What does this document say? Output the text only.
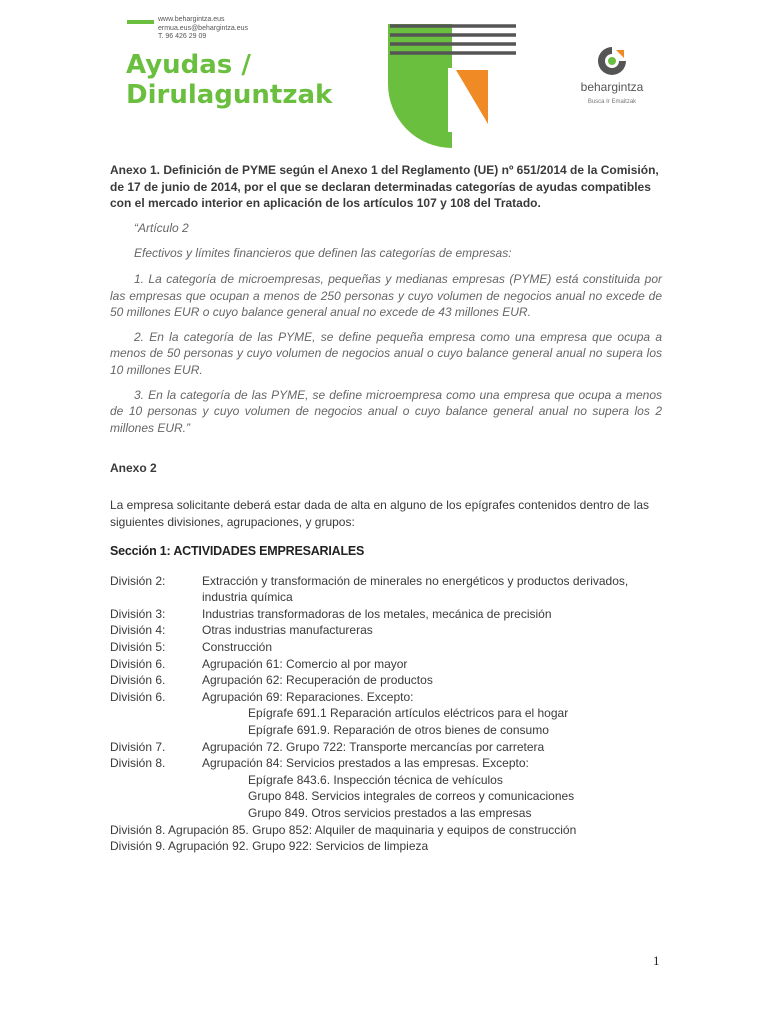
www.behargintza.eus
ermua.eus@behargintza.eus
T. 96 426 29 09
Ayudas /
Dirulaguntzak	behargintza
Busca Ir Emaitzak

Anexo 1. Definición de PYME según el Anexo 1 del Reglamento (UE) nº 651/2014 de la Comisión, de 17 de junio de 2014, por el que se declaran determinadas categorías de ayudas compatibles con el mercado interior en aplicación de los artículos 107 y 108 del Tratado.

“Artículo 2

Efectivos y límites financieros que definen las categorías de empresas:

1. La categoría de microempresas, pequeñas y medianas empresas (PYME) está constituida por las empresas que ocupan a menos de 250 personas y cuyo volumen de negocios anual no excede de 50 millones EUR o cuyo balance general anual no excede de 43 millones EUR.

2. En la categoría de las PYME, se define pequeña empresa como una empresa que ocupa a menos de 50 personas y cuyo volumen de negocios anual o cuyo balance general anual no supera los 10 millones EUR.

3. En la categoría de las PYME, se define microempresa como una empresa que ocupa a menos de 10 personas y cuyo volumen de negocios anual o cuyo balance general anual no supera los 2 millones EUR.”

Anexo 2

La empresa solicitante deberá estar dada de alta en alguno de los epígrafes contenidos dentro de las siguientes divisiones, agrupaciones, y grupos:

Sección 1: ACTIVIDADES EMPRESARIALES

División 2:	Extracción y transformación de minerales no energéticos y productos derivados, industria química
División 3:	Industrias transformadoras de los metales, mecánica de precisión
División 4:	Otras industrias manufactureras
División 5:	Construcción
División 6.	Agrupación 61: Comercio al por mayor
División 6.	Agrupación 62: Recuperación de productos
División 6.	Agrupación 69: Reparaciones. Excepto:
Epígrafe 691.1 Reparación artículos eléctricos para el hogar
Epígrafe 691.9. Reparación de otros bienes de consumo
División 7.	Agrupación 72. Grupo 722: Transporte mercancías por carretera
División 8.	Agrupación 84: Servicios prestados a las empresas. Excepto:
Epígrafe 843.6. Inspección técnica de vehículos
Grupo 848. Servicios integrales de correos y comunicaciones
Grupo 849. Otros servicios prestados a las empresas
División 8. Agrupación 85. Grupo 852: Alquiler de maquinaria y equipos de construcción
División 9. Agrupación 92. Grupo 922: Servicios de limpieza
1
